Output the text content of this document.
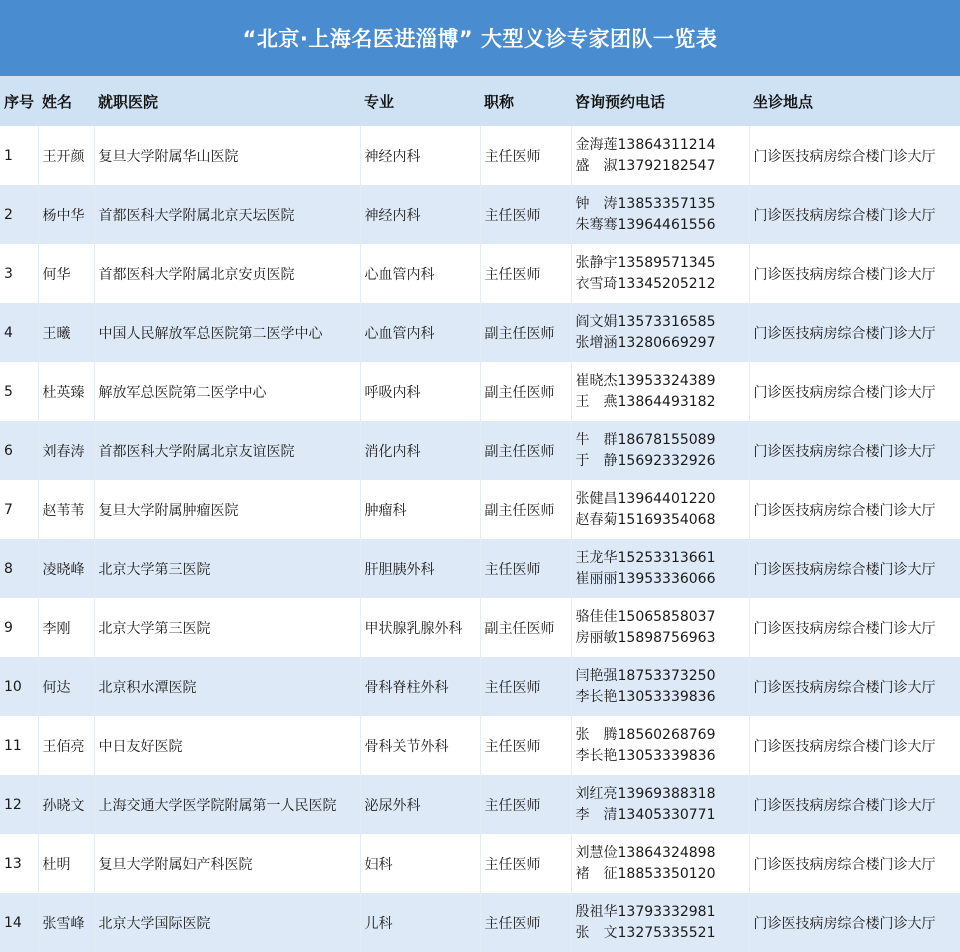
“北京·上海名医进淄博” 大型义诊专家团队一览表
序号	姓名	就职医院	专业	职称	咨询预约电话	坐诊地点
1	王开颜	复旦大学附属华山医院	神经内科	主任医师	金海莲13864311214
盛　淑13792182547	门诊医技病房综合楼门诊大厅
2	杨中华	首都医科大学附属北京天坛医院	神经内科	主任医师	钟　涛13853357135
朱骞骞13964461556	门诊医技病房综合楼门诊大厅
3	何华	首都医科大学附属北京安贞医院	心血管内科	主任医师	张静宇13589571345
衣雪琦13345205212	门诊医技病房综合楼门诊大厅
4	王曦	中国人民解放军总医院第二医学中心	心血管内科	副主任医师	阎文娟13573316585
张增涵13280669297	门诊医技病房综合楼门诊大厅
5	杜英臻	解放军总医院第二医学中心	呼吸内科	副主任医师	崔晓杰13953324389
王　燕13864493182	门诊医技病房综合楼门诊大厅
6	刘春涛	首都医科大学附属北京友谊医院	消化内科	副主任医师	牛　群18678155089
于　静15692332926	门诊医技病房综合楼门诊大厅
7	赵苇苇	复旦大学附属肿瘤医院	肿瘤科	副主任医师	张健昌13964401220
赵春菊15169354068	门诊医技病房综合楼门诊大厅
8	凌晓峰	北京大学第三医院	肝胆胰外科	主任医师	王龙华15253313661
崔丽丽13953336066	门诊医技病房综合楼门诊大厅
9	李刚	北京大学第三医院	甲状腺乳腺外科	副主任医师	骆佳佳15065858037
房丽敏15898756963	门诊医技病房综合楼门诊大厅
10	何达	北京积水潭医院	骨科脊柱外科	主任医师	闫艳强18753373250
李长艳13053339836	门诊医技病房综合楼门诊大厅
11	王佰亮	中日友好医院	骨科关节外科	主任医师	张　腾18560268769
李长艳13053339836	门诊医技病房综合楼门诊大厅
12	孙晓文	上海交通大学医学院附属第一人民医院	泌尿外科	主任医师	刘红亮13969388318
李　清13405330771	门诊医技病房综合楼门诊大厅
13	杜明	复旦大学附属妇产科医院	妇科	主任医师	刘慧俭13864324898
褚　征18853350120	门诊医技病房综合楼门诊大厅
14	张雪峰	北京大学国际医院	儿科	主任医师	殷祖华13793332981
张　文13275335521	门诊医技病房综合楼门诊大厅
